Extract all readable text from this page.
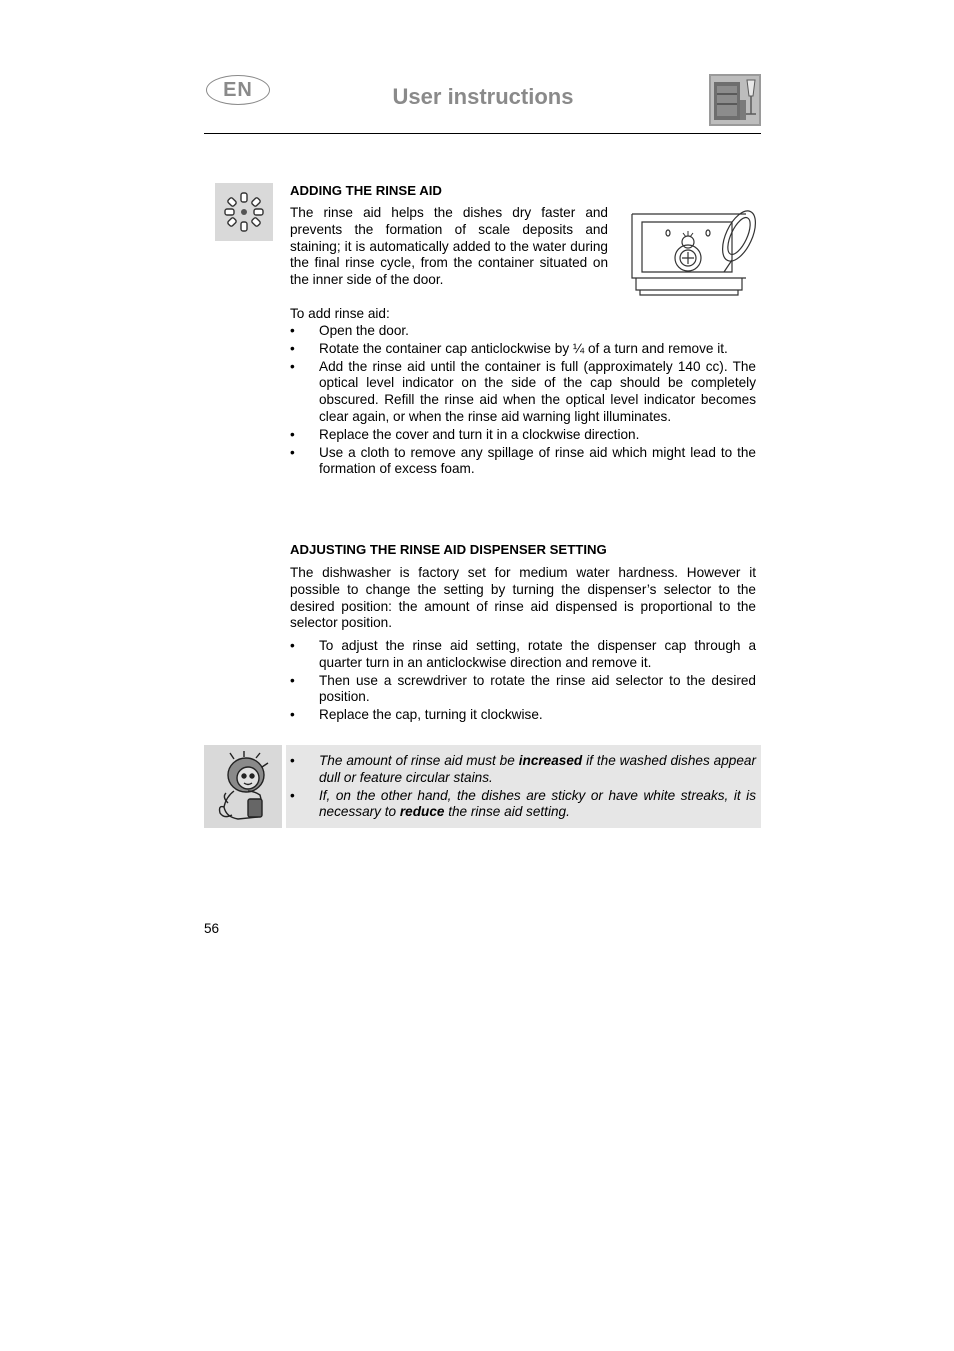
EN	User instructions
ADDING THE RINSE AID
The rinse aid helps the dishes dry faster and prevents the formation of scale deposits and staining; it is automatically added to the water during the final rinse cycle, from the container situated on the inner side of the door.
To add rinse aid:
• Open the door.
• Rotate the container cap anticlockwise by ¼ of a turn and remove it.
• Add the rinse aid until the container is full (approximately 140 cc). The optical level indicator on the side of the cap should be completely obscured. Refill the rinse aid when the optical level indicator becomes clear again, or when the rinse aid warning light illuminates.
• Replace the cover and turn it in a clockwise direction.
• Use a cloth to remove any spillage of rinse aid which might lead to the formation of excess foam.
ADJUSTING THE RINSE AID DISPENSER SETTING
The dishwasher is factory set for medium water hardness. However it possible to change the setting by turning the dispenser’s selector to the desired position: the amount of rinse aid dispensed is proportional to the selector position.
• To adjust the rinse aid setting, rotate the dispenser cap through a quarter turn in an anticlockwise direction and remove it.
• Then use a screwdriver to rotate the rinse aid selector to the desired position.
• Replace the cap, turning it clockwise.
• The amount of rinse aid must be increased if the washed dishes appear dull or feature circular stains.
• If, on the other hand, the dishes are sticky or have white streaks, it is necessary to reduce the rinse aid setting.
56
